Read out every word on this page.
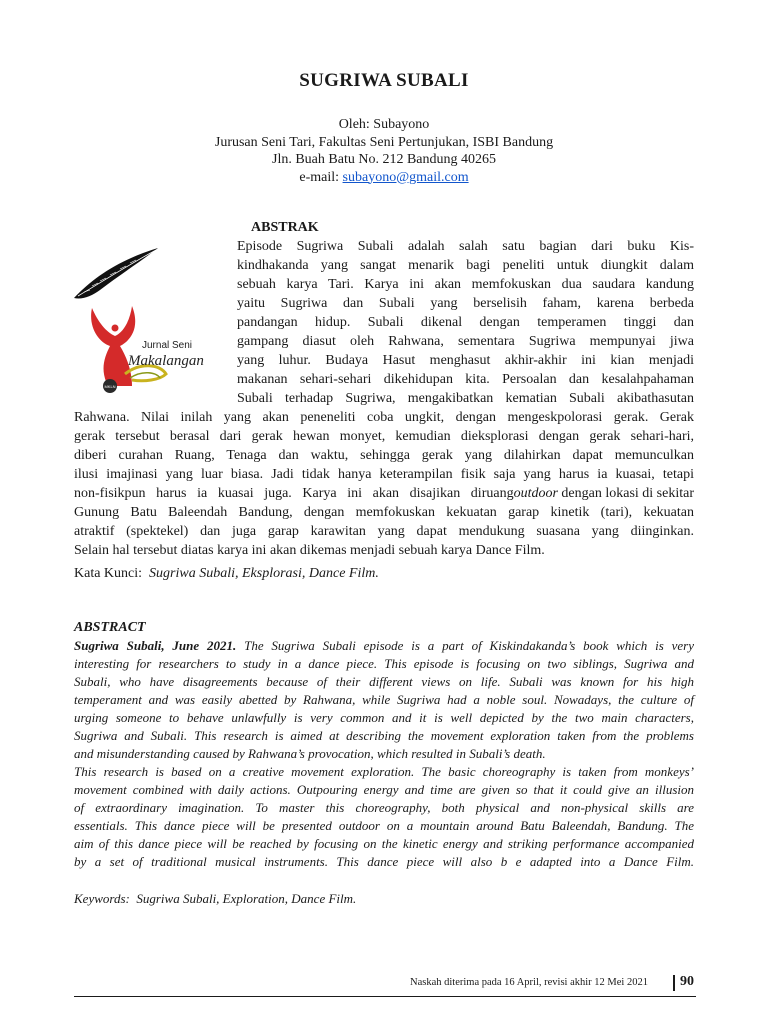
SUGRIWA SUBALI
Oleh: Subayono
Jurusan Seni Tari, Fakultas Seni Pertunjukan, ISBI Bandung
Jln. Buah Batu No. 212 Bandung 40265
e-mail: subayono@gmail.com
MKLN
Jurnal Seni
Makalangan
ABSTRAK
Episode Sugriwa Subali adalah salah satu bagian dari buku Kis-
kindhakanda yang sangat menarik bagi peneliti untuk diungkit dalam
sebuah karya Tari. Karya ini akan memfokuskan dua saudara kandung
yaitu Sugriwa dan Subali yang berselisih faham, karena berbeda
pandangan hidup. Subali dikenal dengan temperamen tinggi dan
gampang diasut oleh Rahwana, sementara Sugriwa mempunyai jiwa
yang luhur. Budaya Hasut menghasut akhir-akhir ini kian menjadi
makanan sehari-sehari dikehidupan kita. Persoalan dan kesalahpahaman
Subali terhadap Sugriwa, mengakibatkan kematian Subali akibathasutan
Rahwana. Nilai inilah yang akan peneneliti coba ungkit, dengan mengeskpolorasi gerak. Gerak
gerak tersebut berasal dari gerak hewan monyet, kemudian dieksplorasi dengan gerak sehari-hari,
diberi curahan Ruang, Tenaga dan waktu, sehingga gerak yang dilahirkan dapat memunculkan
ilusi imajinasi yang luar biasa. Jadi tidak hanya keterampilan fisik saja yang harus ia kuasai, tetapi
non-fisikpun harus ia kuasai juga. Karya ini akan disajikan diruang outdoor dengan lokasi di sekitar
Gunung Batu Baleendah Bandung, dengan memfokuskan kekuatan garap kinetik (tari), kekuatan
atraktif (spektekel) dan juga garap karawitan yang dapat mendukung suasana yang diinginkan.
Selain hal tersebut diatas karya ini akan dikemas menjadi sebuah karya Dance Film.
Kata Kunci:  Sugriwa Subali, Eksplorasi, Dance Film.
ABSTRACT
Sugriwa Subali, June 2021. The Sugriwa Subali episode is a part of Kiskindakanda’s book which is very
interesting for researchers to study in a dance piece. This episode is focusing on two siblings, Sugriwa and
Subali, who have disagreements because of their different views on life. Subali was known for his high
temperament and was easily abetted by Rahwana, while Sugriwa had a noble soul. Nowadays, the culture of
urging someone to behave unlawfully is very common and it is well depicted by the two main characters,
Sugriwa and Subali. This research is aimed at describing the movement exploration taken from the problems
and misunderstanding caused by Rahwana’s provocation, which resulted in Subali’s death.
This research is based on a creative movement exploration. The basic choreography is taken from monkeys’
movement combined with daily actions. Outpouring energy and time are given so that it could give an illusion
of extraordinary imagination. To master this choreography, both physical and non-physical skills are
essentials. This dance piece will be presented outdoor on a mountain around Batu Baleendah, Bandung. The
aim of this dance piece will be reached by focusing on the kinetic energy and striking performance accompanied
by a set of traditional musical instruments. This dance piece will also b e adapted into a Dance Film.
Keywords:  Sugriwa Subali, Exploration, Dance Film.
Naskah diterima pada 16 April, revisi akhir 12 Mei 2021 90
